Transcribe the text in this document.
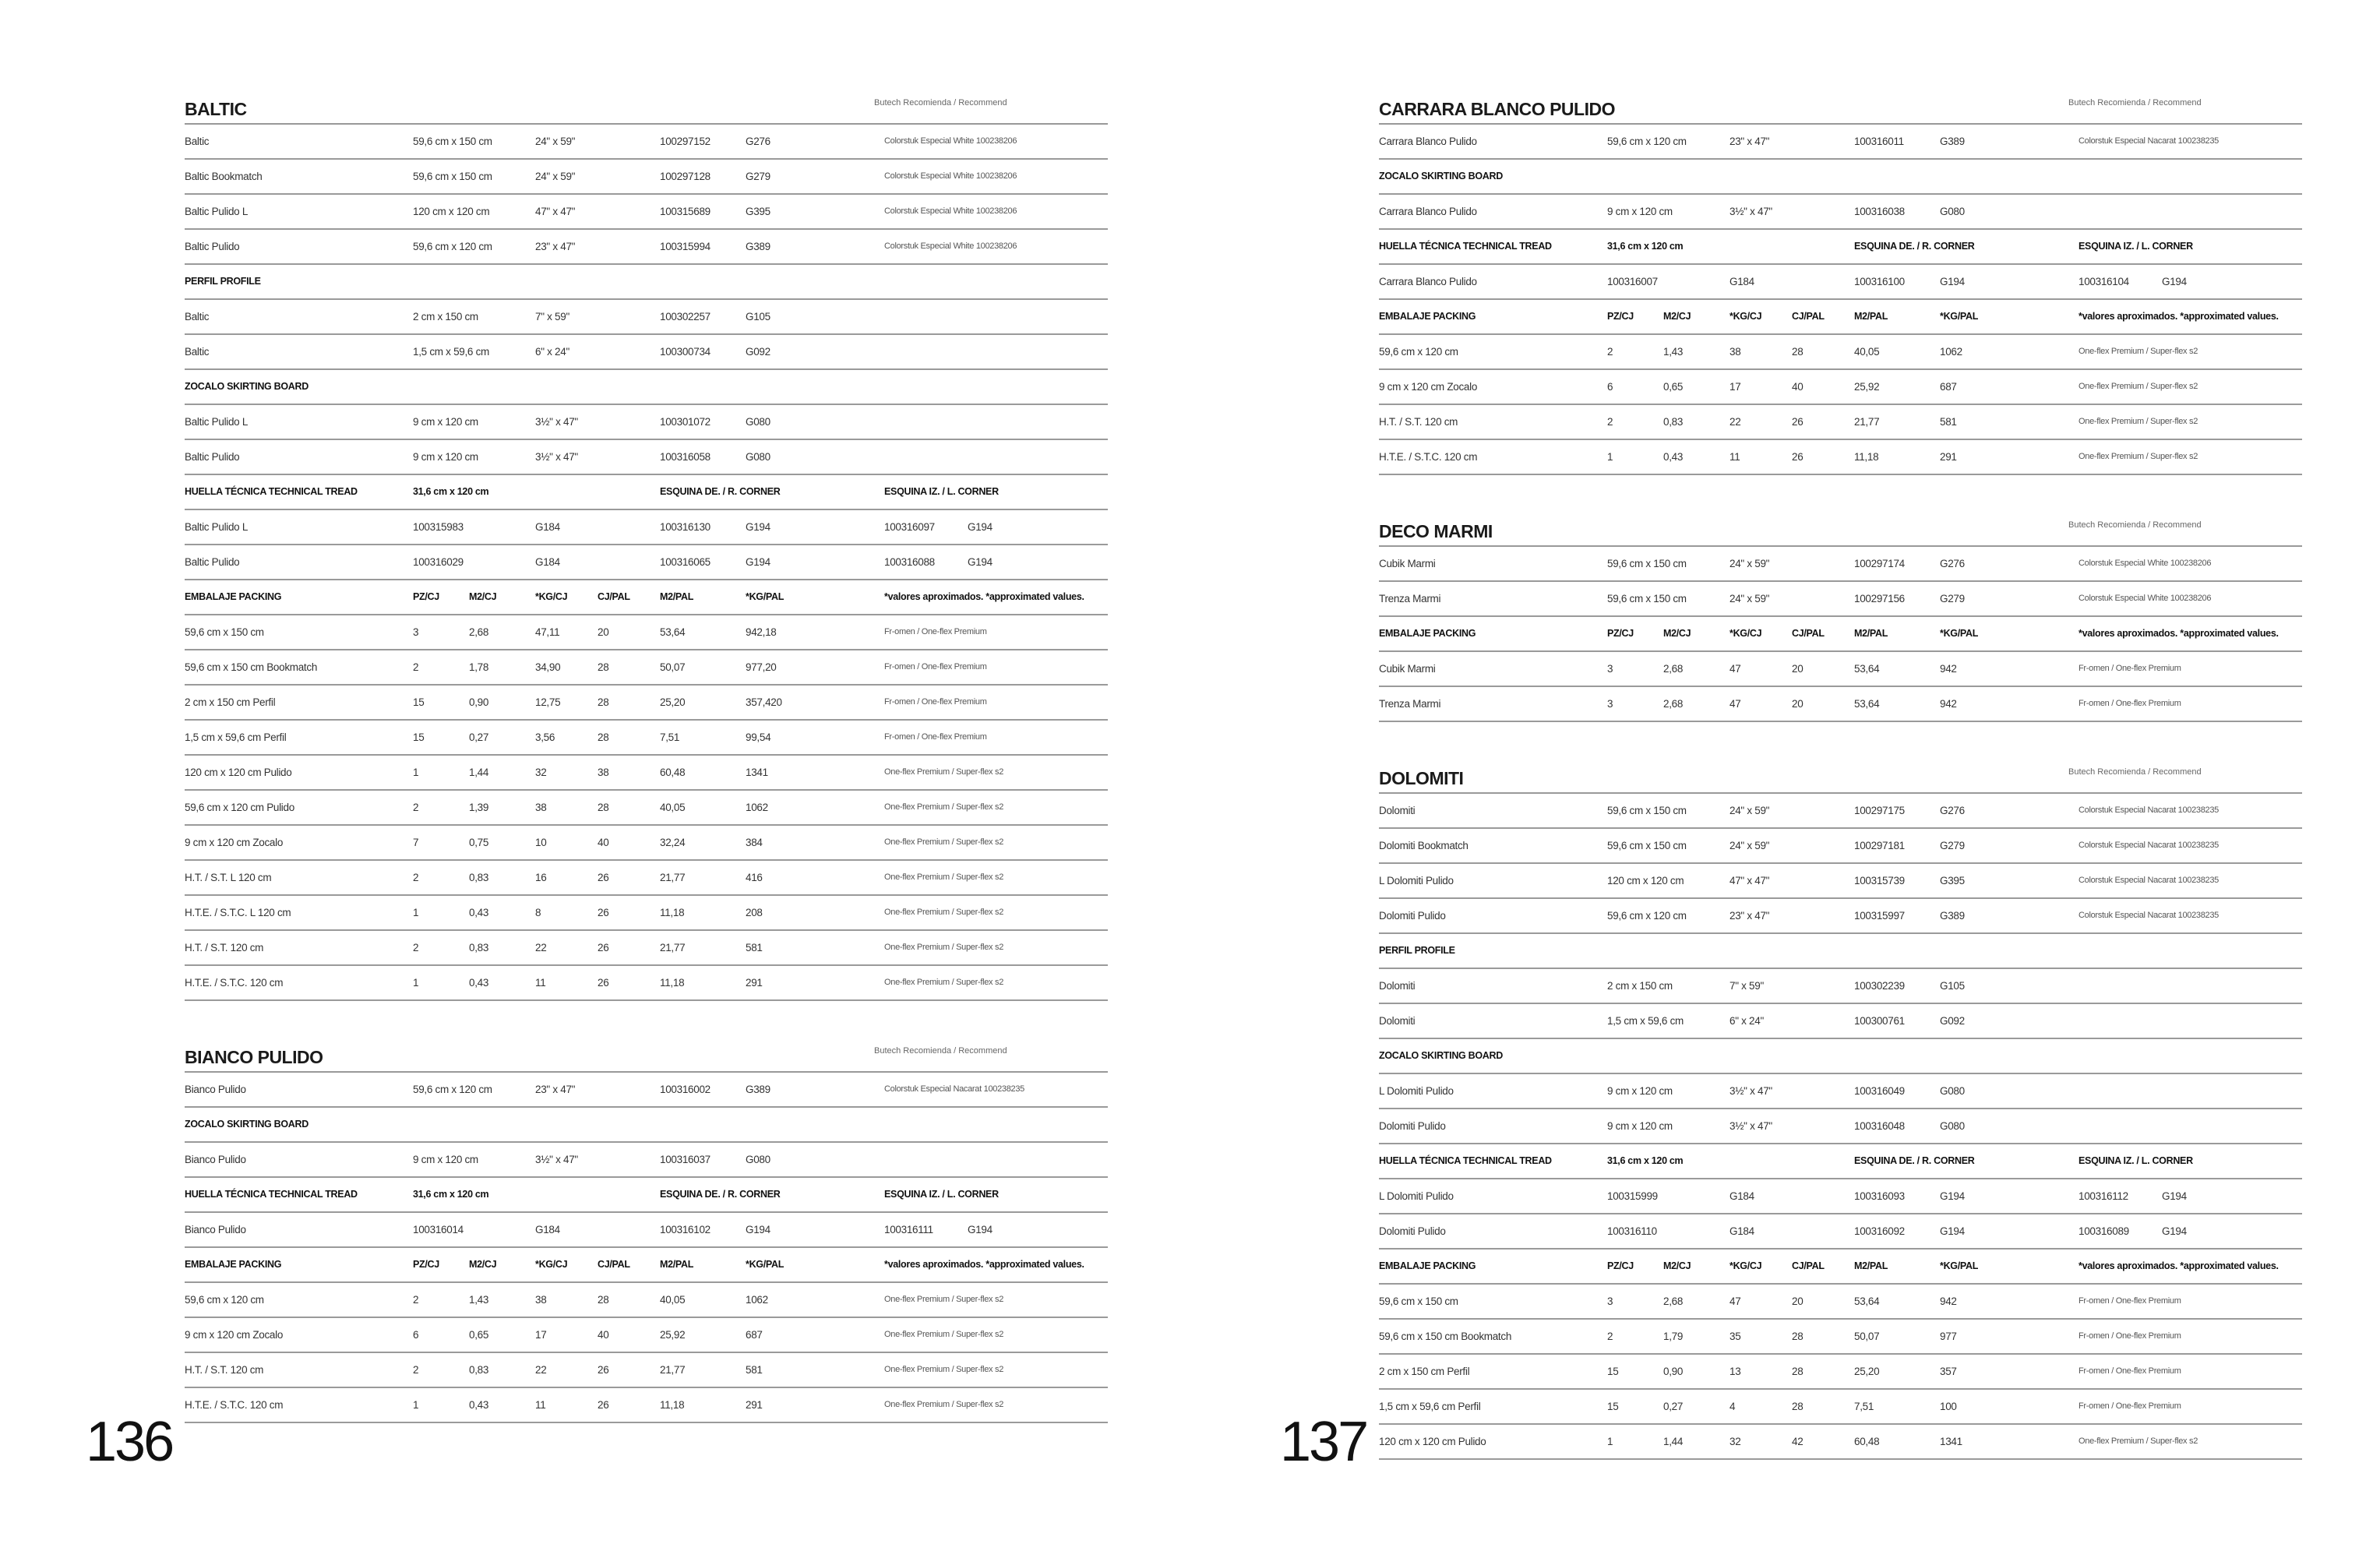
BALTIC	Butech Recomienda / Recommend
Baltic	59,6 cm x 150 cm	24" x 59"	100297152	G276	Colorstuk Especial White 100238206
Baltic Bookmatch	59,6 cm x 150 cm	24" x 59"	100297128	G279	Colorstuk Especial White 100238206
Baltic Pulido L	120 cm x 120 cm	47" x 47"	100315689	G395	Colorstuk Especial White 100238206
Baltic Pulido	59,6 cm x 120 cm	23" x 47"	100315994	G389	Colorstuk Especial White 100238206
PERFIL PROFILE
Baltic	2 cm x 150 cm	7" x 59"	100302257	G105
Baltic	1,5 cm x 59,6 cm	6" x 24"	100300734	G092
ZOCALO SKIRTING BOARD
Baltic Pulido L	9 cm x 120 cm	3½" x 47"	100301072	G080
Baltic Pulido	9 cm x 120 cm	3½" x 47"	100316058	G080
HUELLA TÉCNICA TECHNICAL TREAD	31,6 cm x 120 cm	ESQUINA DE. / R. CORNER	ESQUINA IZ. / L. CORNER
Baltic Pulido L	100315983	G184	100316130	G194	100316097	G194
Baltic Pulido	100316029	G184	100316065	G194	100316088	G194
EMBALAJE PACKING	PZ/CJ	M2/CJ	*KG/CJ	CJ/PAL	M2/PAL	*KG/PAL	*valores aproximados. *approximated values.
59,6 cm x 150 cm	3	2,68	47,11	20	53,64	942,18	Fr-omen / One-flex Premium
59,6 cm x 150 cm Bookmatch	2	1,78	34,90	28	50,07	977,20	Fr-omen / One-flex Premium
2 cm x 150 cm Perfil	15	0,90	12,75	28	25,20	357,420	Fr-omen / One-flex Premium
1,5 cm x 59,6 cm Perfil	15	0,27	3,56	28	7,51	99,54	Fr-omen / One-flex Premium
120 cm x 120 cm Pulido	1	1,44	32	38	60,48	1341	One-flex Premium / Super-flex s2
59,6 cm x 120 cm Pulido	2	1,39	38	28	40,05	1062	One-flex Premium / Super-flex s2
9 cm x 120 cm Zocalo	7	0,75	10	40	32,24	384	One-flex Premium / Super-flex s2
H.T. / S.T. L 120 cm	2	0,83	16	26	21,77	416	One-flex Premium / Super-flex s2
H.T.E. / S.T.C. L 120 cm	1	0,43	8	26	11,18	208	One-flex Premium / Super-flex s2
H.T. / S.T. 120 cm	2	0,83	22	26	21,77	581	One-flex Premium / Super-flex s2
H.T.E. / S.T.C. 120 cm	1	0,43	11	26	11,18	291	One-flex Premium / Super-flex s2
BIANCO PULIDO	Butech Recomienda / Recommend
Bianco Pulido	59,6 cm x 120 cm	23" x 47"	100316002	G389	Colorstuk Especial Nacarat 100238235
ZOCALO SKIRTING BOARD
Bianco Pulido	9 cm x 120 cm	3½" x 47"	100316037	G080
HUELLA TÉCNICA TECHNICAL TREAD	31,6 cm x 120 cm	ESQUINA DE. / R. CORNER	ESQUINA IZ. / L. CORNER
Bianco Pulido	100316014	G184	100316102	G194	100316111	G194
EMBALAJE PACKING	PZ/CJ	M2/CJ	*KG/CJ	CJ/PAL	M2/PAL	*KG/PAL	*valores aproximados. *approximated values.
59,6 cm x 120 cm	2	1,43	38	28	40,05	1062	One-flex Premium / Super-flex s2
9 cm x 120 cm Zocalo	6	0,65	17	40	25,92	687	One-flex Premium / Super-flex s2
H.T. / S.T. 120 cm	2	0,83	22	26	21,77	581	One-flex Premium / Super-flex s2
H.T.E. / S.T.C. 120 cm	1	0,43	11	26	11,18	291	One-flex Premium / Super-flex s2
136
CARRARA BLANCO PULIDO	Butech Recomienda / Recommend
Carrara Blanco Pulido	59,6 cm x 120 cm	23" x 47"	100316011	G389	Colorstuk Especial Nacarat 100238235
ZOCALO SKIRTING BOARD
Carrara Blanco Pulido	9 cm x 120 cm	3½" x 47"	100316038	G080
HUELLA TÉCNICA TECHNICAL TREAD	31,6 cm x 120 cm	ESQUINA DE. / R. CORNER	ESQUINA IZ. / L. CORNER
Carrara Blanco Pulido	100316007	G184	100316100	G194	100316104	G194
EMBALAJE PACKING	PZ/CJ	M2/CJ	*KG/CJ	CJ/PAL	M2/PAL	*KG/PAL	*valores aproximados. *approximated values.
59,6 cm x 120 cm	2	1,43	38	28	40,05	1062	One-flex Premium / Super-flex s2
9 cm x 120 cm Zocalo	6	0,65	17	40	25,92	687	One-flex Premium / Super-flex s2
H.T. / S.T. 120 cm	2	0,83	22	26	21,77	581	One-flex Premium / Super-flex s2
H.T.E. / S.T.C. 120 cm	1	0,43	11	26	11,18	291	One-flex Premium / Super-flex s2
DECO MARMI	Butech Recomienda / Recommend
Cubik Marmi	59,6 cm x 150 cm	24" x 59"	100297174	G276	Colorstuk Especial White 100238206
Trenza Marmi	59,6 cm x 150 cm	24" x 59"	100297156	G279	Colorstuk Especial White 100238206
EMBALAJE PACKING	PZ/CJ	M2/CJ	*KG/CJ	CJ/PAL	M2/PAL	*KG/PAL	*valores aproximados. *approximated values.
Cubik Marmi	3	2,68	47	20	53,64	942	Fr-omen / One-flex Premium
Trenza Marmi	3	2,68	47	20	53,64	942	Fr-omen / One-flex Premium
DOLOMITI	Butech Recomienda / Recommend
Dolomiti	59,6 cm x 150 cm	24" x 59"	100297175	G276	Colorstuk Especial Nacarat 100238235
Dolomiti Bookmatch	59,6 cm x 150 cm	24" x 59"	100297181	G279	Colorstuk Especial Nacarat 100238235
L Dolomiti Pulido	120 cm x 120 cm	47" x 47"	100315739	G395	Colorstuk Especial Nacarat 100238235
Dolomiti Pulido	59,6 cm x 120 cm	23" x 47"	100315997	G389	Colorstuk Especial Nacarat 100238235
PERFIL PROFILE
Dolomiti	2 cm x 150 cm	7" x 59"	100302239	G105
Dolomiti	1,5 cm x 59,6 cm	6" x 24"	100300761	G092
ZOCALO SKIRTING BOARD
L Dolomiti Pulido	9 cm x 120 cm	3½" x 47"	100316049	G080
Dolomiti Pulido	9 cm x 120 cm	3½" x 47"	100316048	G080
HUELLA TÉCNICA TECHNICAL TREAD	31,6 cm x 120 cm	ESQUINA DE. / R. CORNER	ESQUINA IZ. / L. CORNER
L Dolomiti Pulido	100315999	G184	100316093	G194	100316112	G194
Dolomiti Pulido	100316110	G184	100316092	G194	100316089	G194
EMBALAJE PACKING	PZ/CJ	M2/CJ	*KG/CJ	CJ/PAL	M2/PAL	*KG/PAL	*valores aproximados. *approximated values.
59,6 cm x 150 cm	3	2,68	47	20	53,64	942	Fr-omen / One-flex Premium
59,6 cm x 150 cm Bookmatch	2	1,79	35	28	50,07	977	Fr-omen / One-flex Premium
2 cm x 150 cm Perfil	15	0,90	13	28	25,20	357	Fr-omen / One-flex Premium
1,5 cm x 59,6 cm Perfil	15	0,27	4	28	7,51	100	Fr-omen / One-flex Premium
120 cm x 120 cm Pulido	1	1,44	32	42	60,48	1341	One-flex Premium / Super-flex s2
137
